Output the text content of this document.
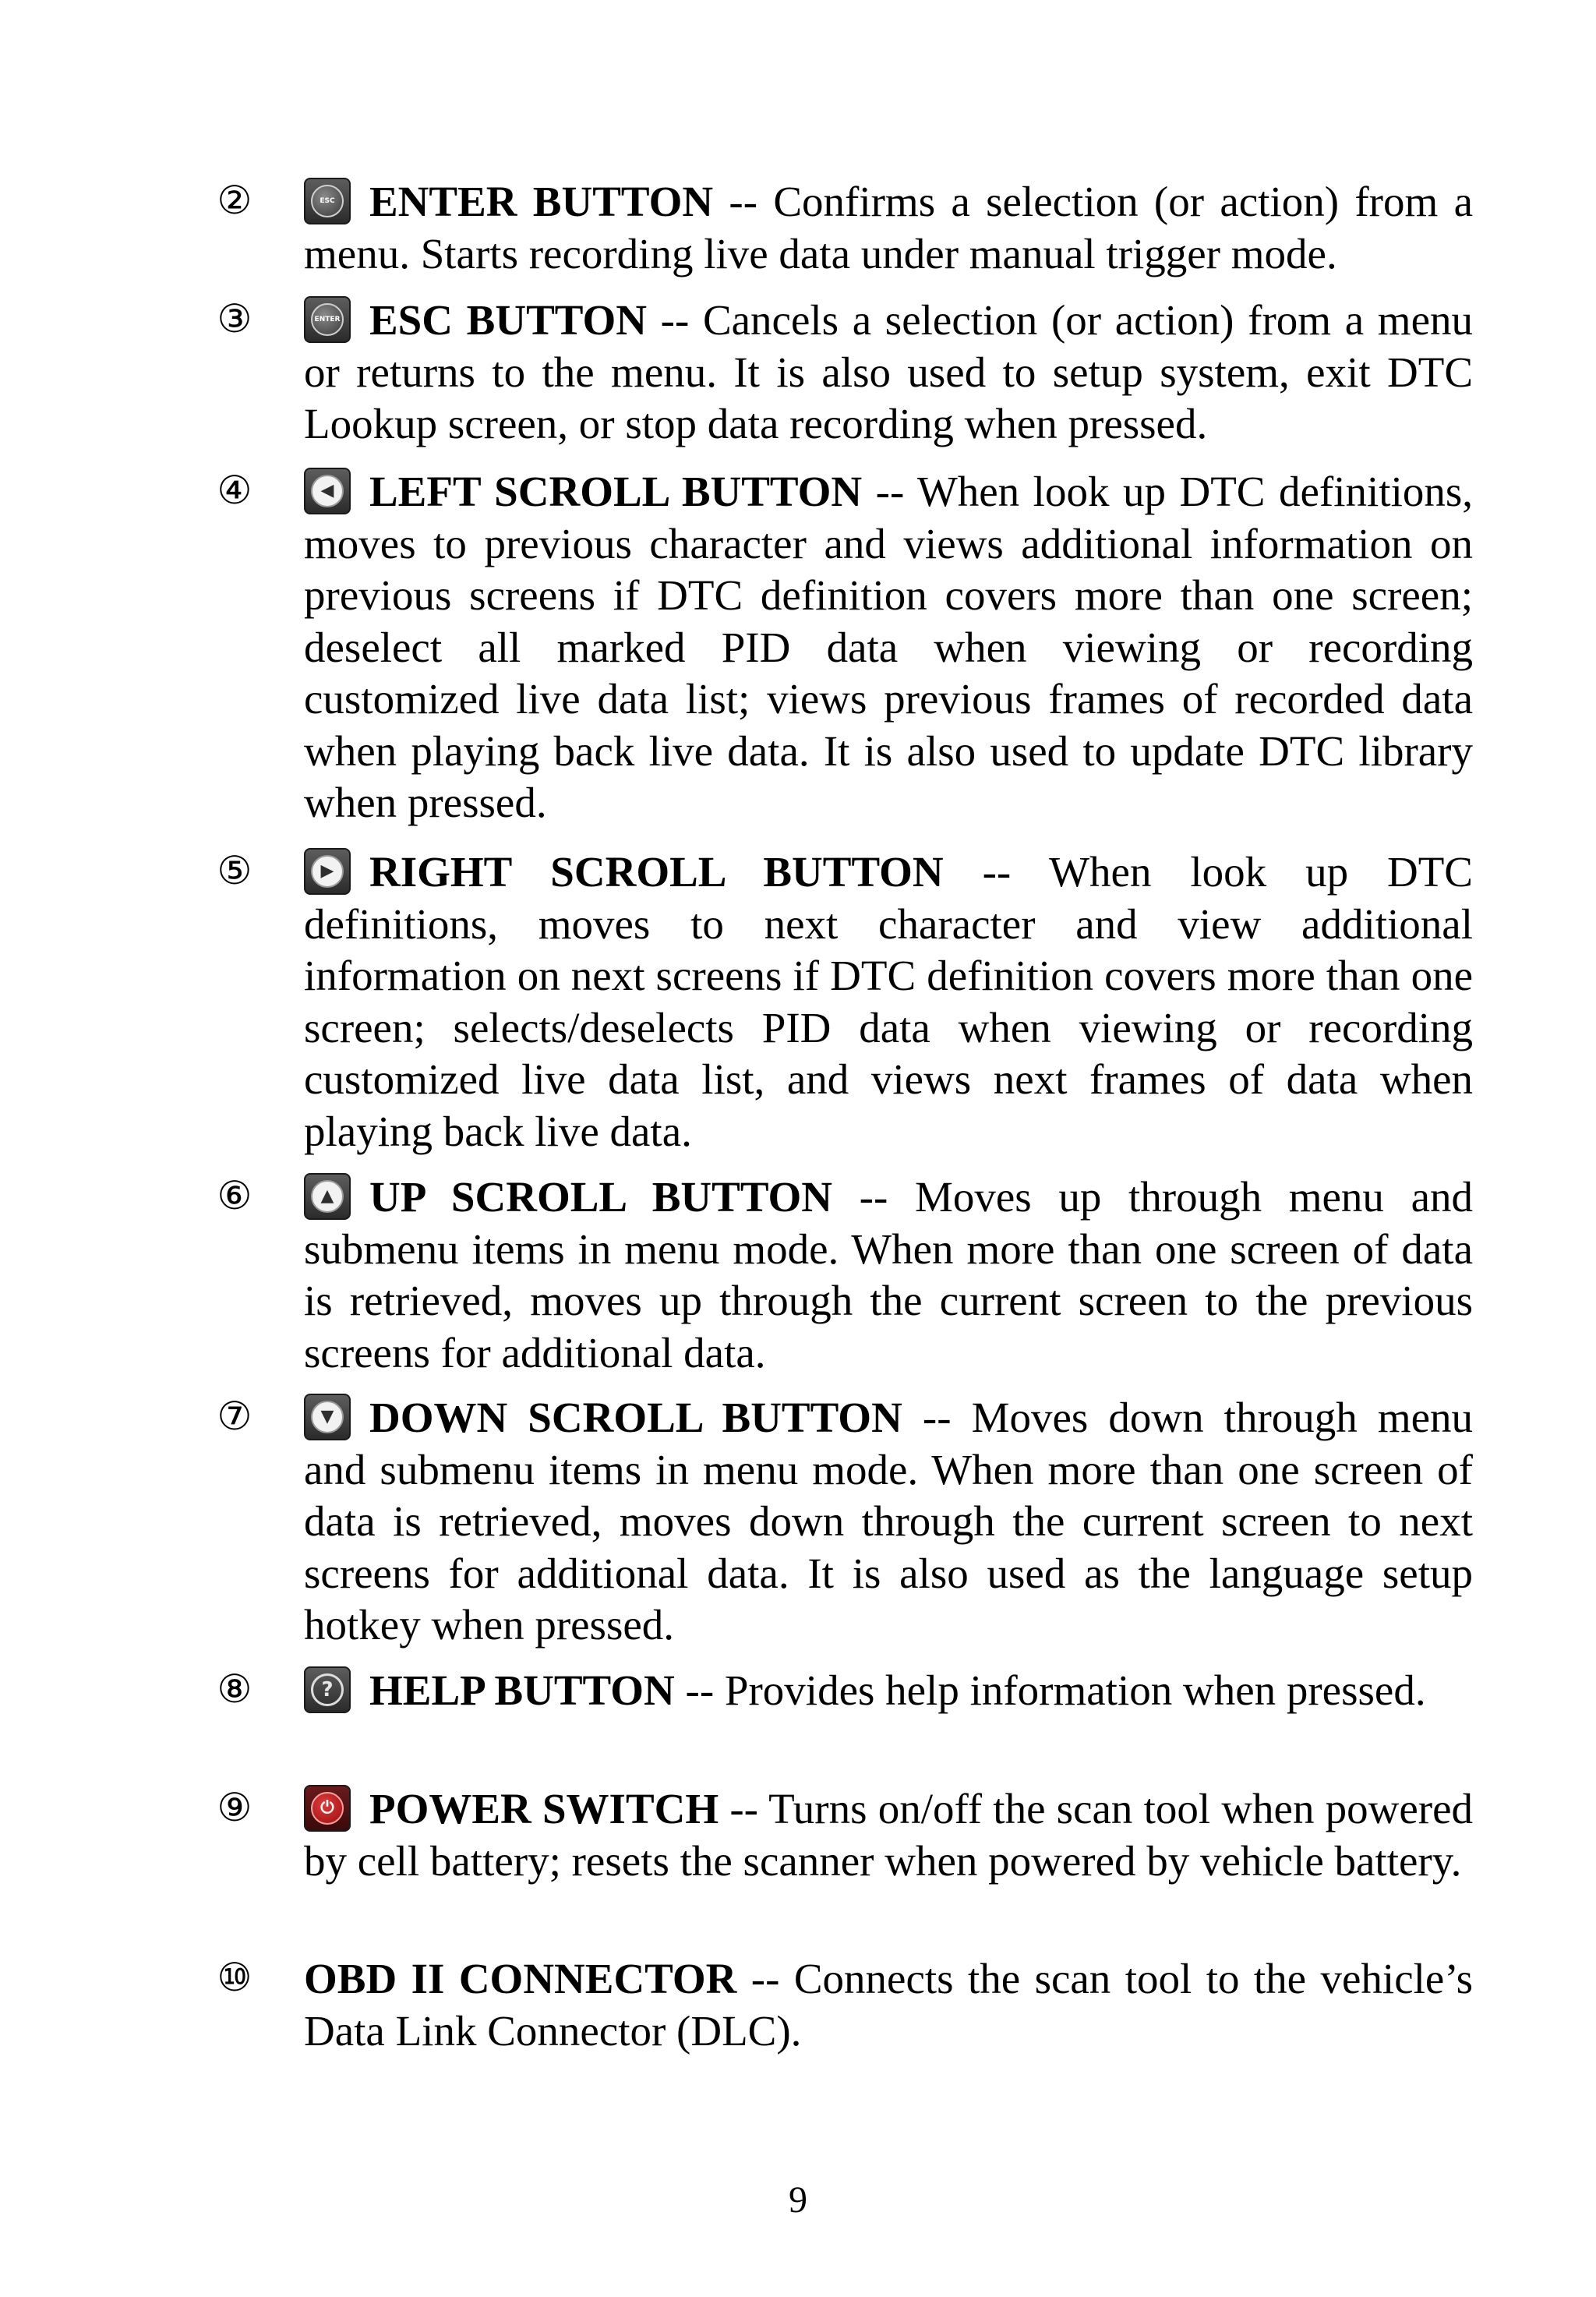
②	ESC ENTER BUTTON -- Confirms a selection (or action) from a menu. Starts recording live data under manual trigger mode.
③	ENTER ESC BUTTON -- Cancels a selection (or action) from a menu or returns to the menu. It is also used to setup system, exit DTC Lookup screen, or stop data recording when pressed.
④	◀ LEFT SCROLL BUTTON -- When look up DTC definitions, moves to previous character and views additional information on previous screens if DTC definition covers more than one screen; deselect all marked PID data when viewing or recording customized live data list; views previous frames of recorded data when playing back live data. It is also used to update DTC library when pressed.
⑤	▶ RIGHT SCROLL BUTTON -- When look up DTC definitions, moves to next character and view additional information on next screens if DTC definition covers more than one screen; selects/deselects PID data when viewing or recording customized live data list, and views next frames of data when playing back live data.
⑥	▲ UP SCROLL BUTTON -- Moves up through menu and submenu items in menu mode. When more than one screen of data is retrieved, moves up through the current screen to the previous screens for additional data.
⑦	▼ DOWN SCROLL BUTTON -- Moves down through menu and submenu items in menu mode. When more than one screen of data is retrieved, moves down through the current screen to next screens for additional data. It is also used as the language setup hotkey when pressed.
⑧	? HELP BUTTON -- Provides help information when pressed.
⑨	⏻ POWER SWITCH -- Turns on/off the scan tool when powered by cell battery; resets the scanner when powered by vehicle battery.
⑩ OBD II CONNECTOR -- Connects the scan tool to the vehicle’s Data Link Connector (DLC).
9
